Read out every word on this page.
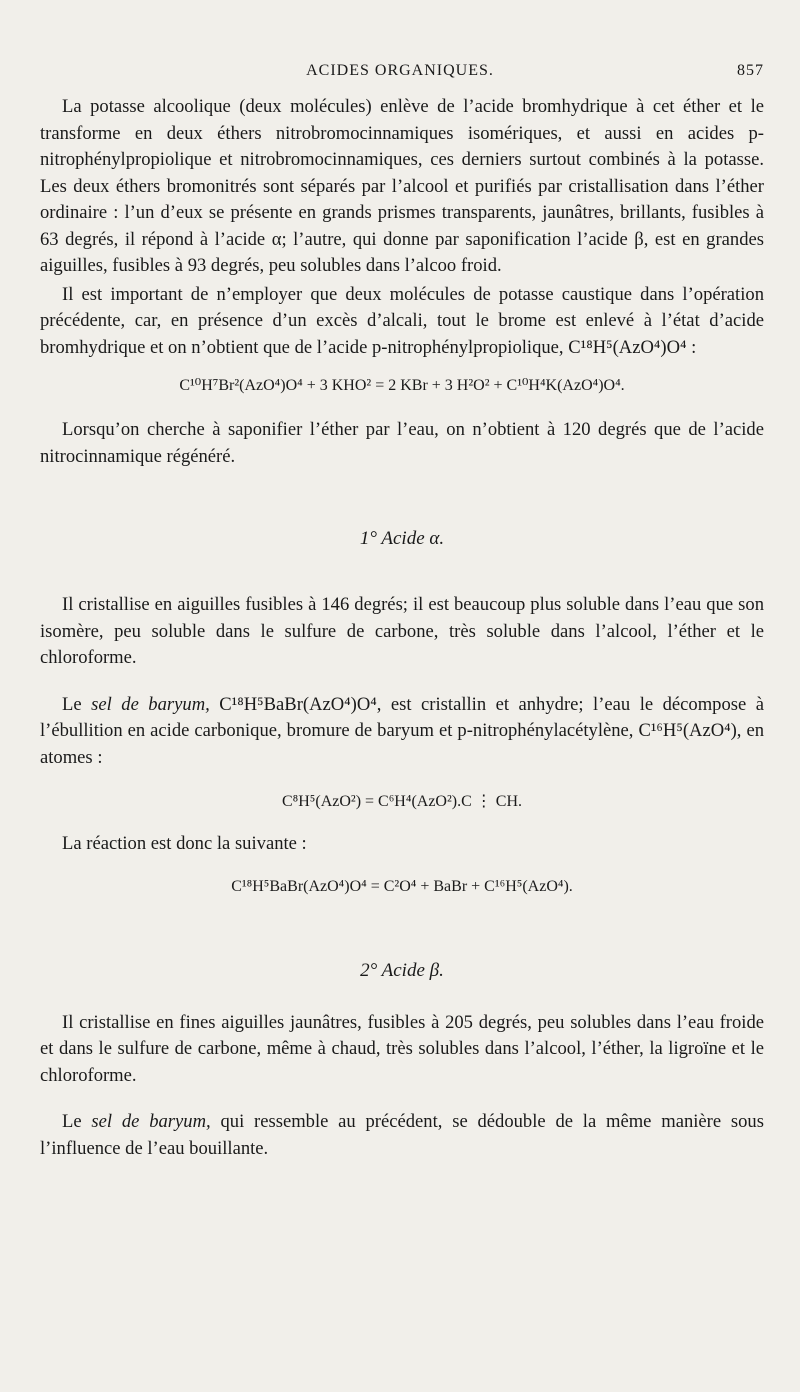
ACIDES ORGANIQUES.	857

La potasse alcoolique (deux molécules) enlève de l’acide bromhydrique à cet éther et le transforme en deux éthers nitrobromocinnamiques isomériques, et aussi en acides p-nitrophénylpropiolique et nitrobromocinnamiques, ces derniers surtout combinés à la potasse. Les deux éthers bromonitrés sont séparés par l’alcool et purifiés par cristallisation dans l’éther ordinaire : l’un d’eux se présente en grands prismes transparents, jaunâtres, brillants, fusibles à 63 degrés, il répond à l’acide α; l’autre, qui donne par saponification l’acide β, est en grandes aiguilles, fusibles à 93 degrés, peu solubles dans l’alcoo froid.

Il est important de n’employer que deux molécules de potasse caustique dans l’opération précédente, car, en présence d’un excès d’alcali, tout le brome est enlevé à l’état d’acide bromhydrique et on n’obtient que de l’acide p-nitrophénylpropiolique, C¹⁸H⁵(AzO⁴)O⁴ :

C¹⁰H⁷Br²(AzO⁴)O⁴ + 3 KHO² = 2 KBr + 3 H²O² + C¹⁰H⁴K(AzO⁴)O⁴.

Lorsqu’on cherche à saponifier l’éther par l’eau, on n’obtient à 120 degrés que de l’acide nitrocinnamique régénéré.

1° Acide α.

Il cristallise en aiguilles fusibles à 146 degrés; il est beaucoup plus soluble dans l’eau que son isomère, peu soluble dans le sulfure de carbone, très soluble dans l’alcool, l’éther et le chloroforme.

Le sel de baryum, C¹⁸H⁵BaBr(AzO⁴)O⁴, est cristallin et anhydre; l’eau le décompose à l’ébullition en acide carbonique, bromure de baryum et p-nitrophénylacétylène, C¹⁶H⁵(AzO⁴), en atomes :

C⁸H⁵(AzO²) = C⁶H⁴(AzO²).C ⋮ CH.

La réaction est donc la suivante :

C¹⁸H⁵BaBr(AzO⁴)O⁴ = C²O⁴ + BaBr + C¹⁶H⁵(AzO⁴).
2° Acide β.

Il cristallise en fines aiguilles jaunâtres, fusibles à 205 degrés, peu solubles dans l’eau froide et dans le sulfure de carbone, même à chaud, très solubles dans l’alcool, l’éther, la ligroïne et le chloroforme.

Le sel de baryum, qui ressemble au précédent, se dédouble de la même manière sous l’influence de l’eau bouillante.
